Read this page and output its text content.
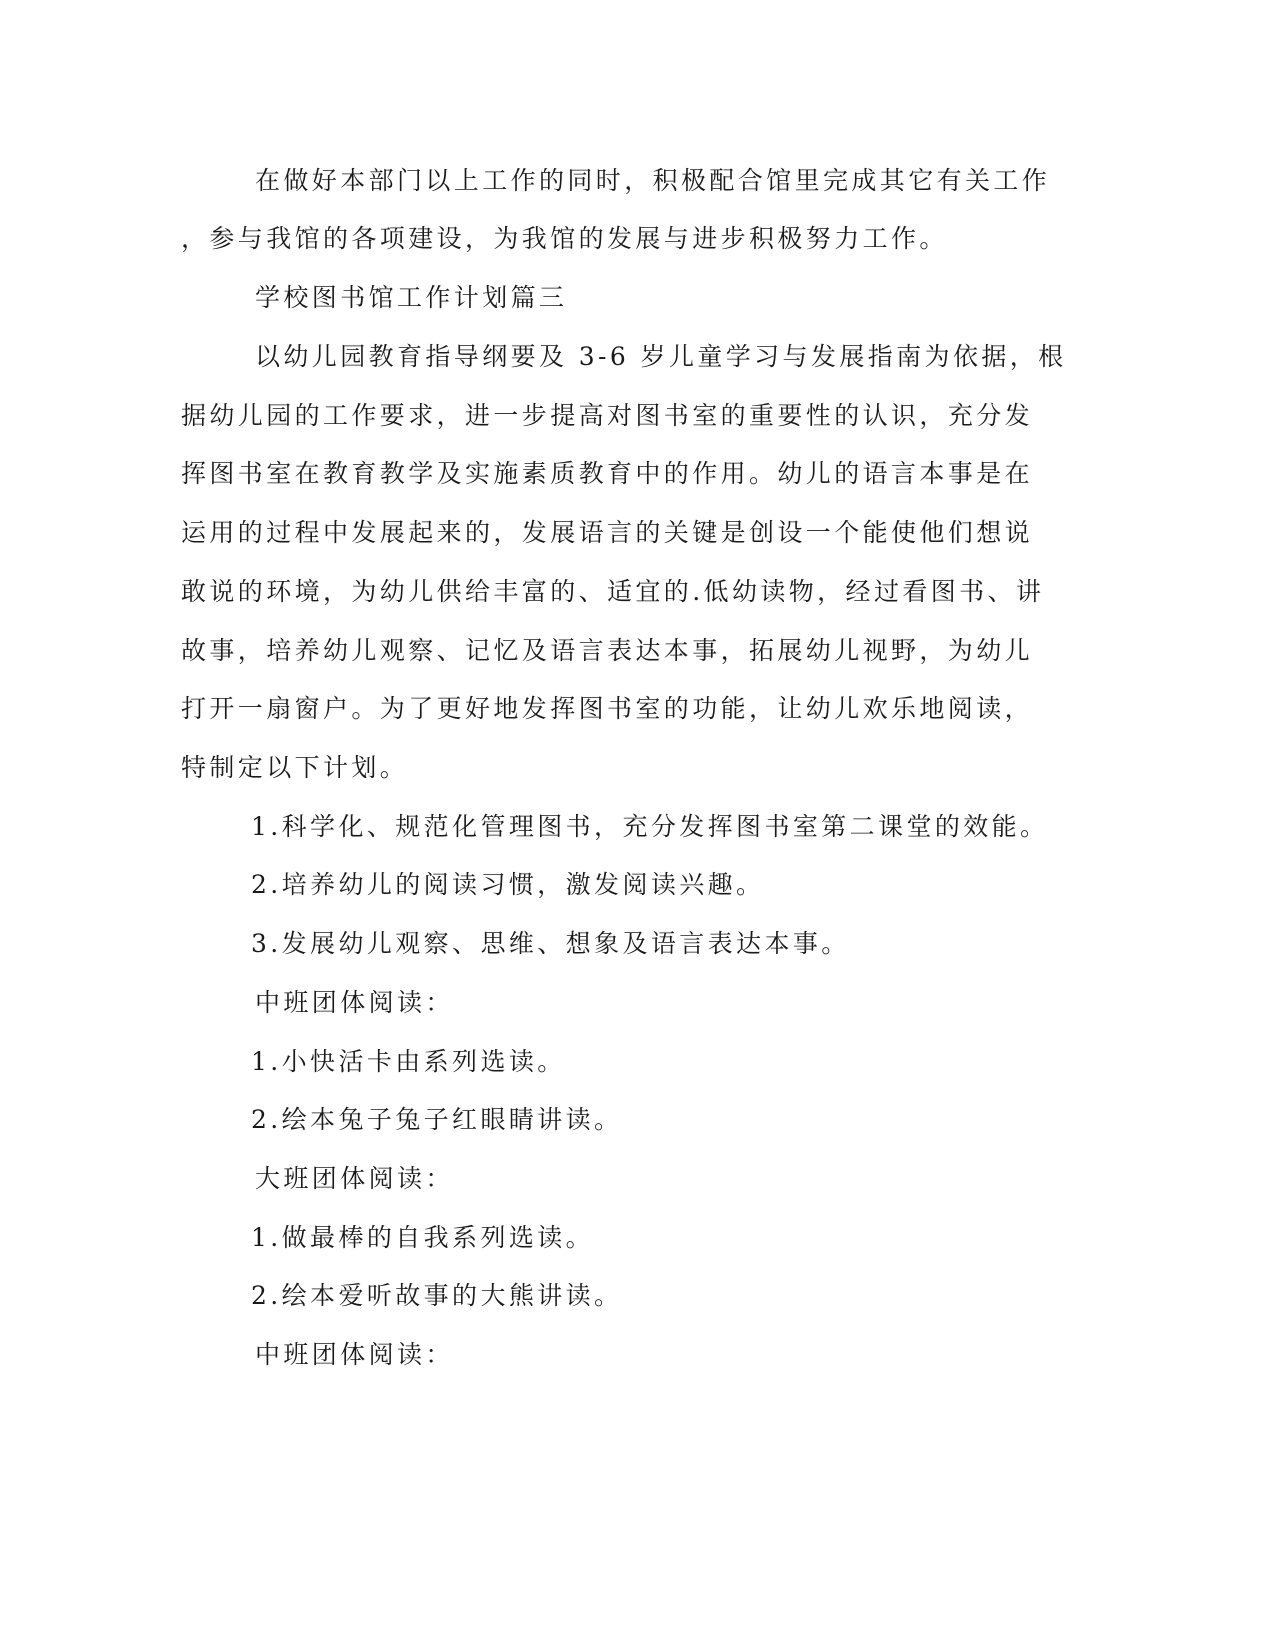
在做好本部门以上工作的同时，积极配合馆里完成其它有关工作
，参与我馆的各项建设，为我馆的发展与进步积极努力工作。
学校图书馆工作计划篇三
以幼儿园教育指导纲要及 3-6 岁儿童学习与发展指南为依据，根
据幼儿园的工作要求，进一步提高对图书室的重要性的认识，充分发
挥图书室在教育教学及实施素质教育中的作用。幼儿的语言本事是在
运用的过程中发展起来的，发展语言的关键是创设一个能使他们想说
敢说的环境，为幼儿供给丰富的、适宜的.低幼读物，经过看图书、讲
故事，培养幼儿观察、记忆及语言表达本事，拓展幼儿视野，为幼儿
打开一扇窗户。为了更好地发挥图书室的功能，让幼儿欢乐地阅读，
特制定以下计划。
1.科学化、规范化管理图书，充分发挥图书室第二课堂的效能。
2.培养幼儿的阅读习惯，激发阅读兴趣。
3.发展幼儿观察、思维、想象及语言表达本事。
中班团体阅读：
1.小快活卡由系列选读。
2.绘本兔子兔子红眼睛讲读。
大班团体阅读：
1.做最棒的自我系列选读。
2.绘本爱听故事的大熊讲读。
中班团体阅读：
